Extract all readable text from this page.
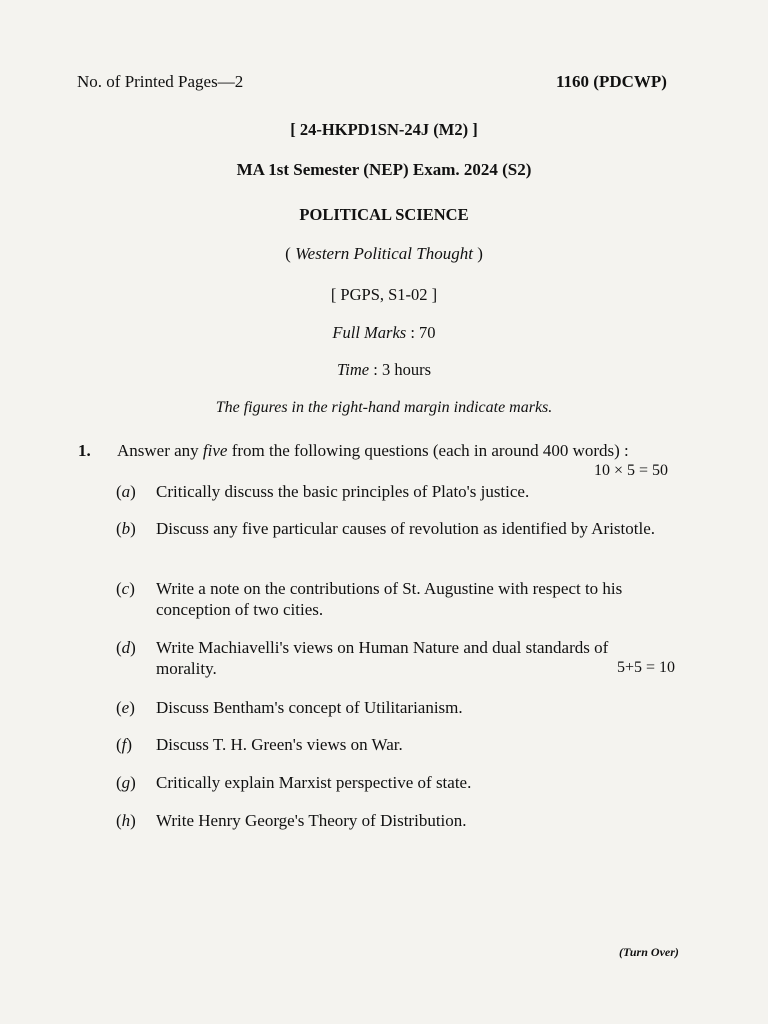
No. of Printed Pages—2	1160 (PDCWP)
[ 24-HKPD1SN-24J (M2) ]
MA 1st Semester (NEP) Exam. 2024 (S2)
POLITICAL SCIENCE
( Western Political Thought )
[ PGPS, S1-02 ]
Full Marks : 70
Time : 3 hours
The figures in the right-hand margin indicate marks.
1. Answer any five from the following questions (each in around 400 words) :
10 × 5 = 50
(a)	Critically discuss the basic principles of Plato's justice.
(b)	Discuss any five particular causes of revolution as identified by Aristotle.
(c)	Write a note on the contributions of St. Augustine with respect to his conception of two cities.
(d)	Write Machiavelli's views on Human Nature and dual standards of morality.	5+5 = 10
(e)	Discuss Bentham's concept of Utilitarianism.
(f)	Discuss T. H. Green's views on War.
(g)	Critically explain Marxist perspective of state.
(h)	Write Henry George's Theory of Distribution.
(Turn Over)
